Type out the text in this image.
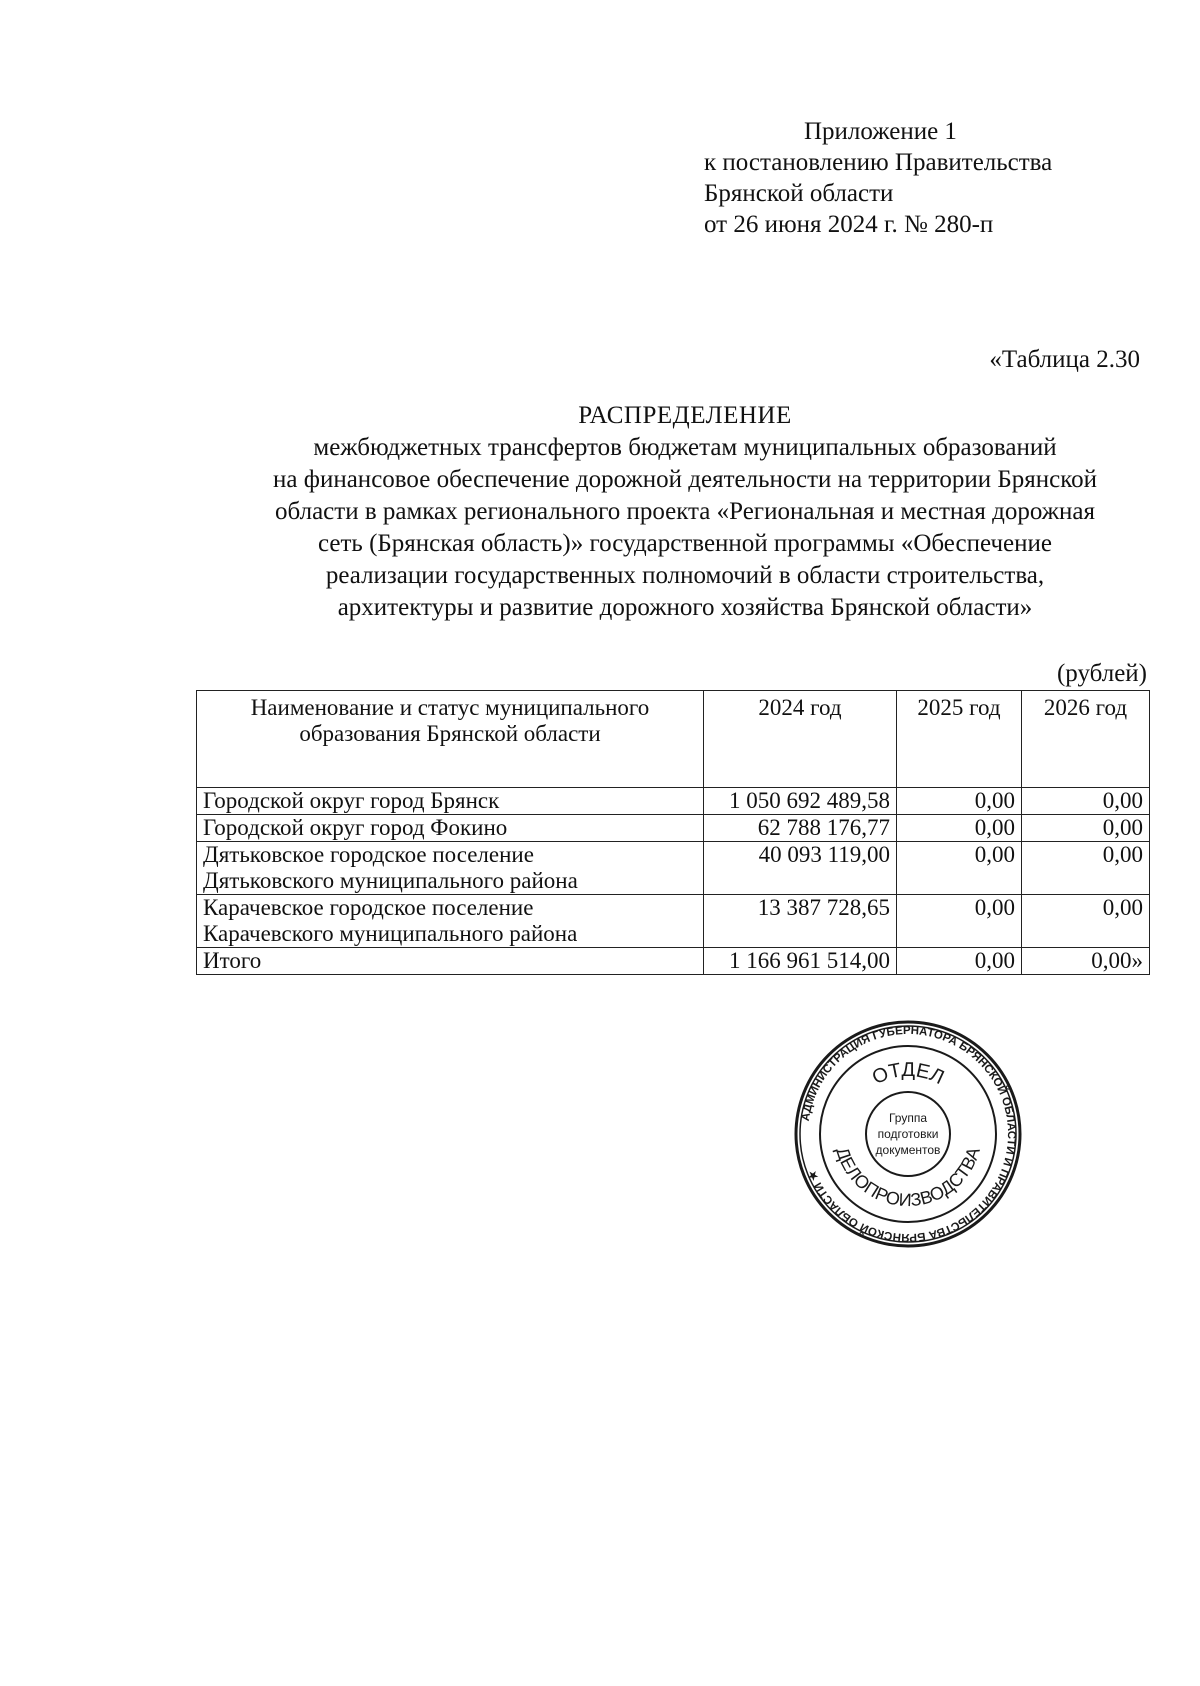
Приложение 1
к постановлению Правительства
Брянской области
от 26 июня 2024 г. № 280-п
«Таблица 2.30
РАСПРЕДЕЛЕНИЕ
межбюджетных трансфертов бюджетам муниципальных образований
на финансовое обеспечение дорожной деятельности на территории Брянской
области в рамках регионального проекта «Региональная и местная дорожная
сеть (Брянская область)» государственной программы «Обеспечение
реализации государственных полномочий в области строительства,
архитектуры и развитие дорожного хозяйства Брянской области»
(рублей)
Наименование и статус муниципального
образования Брянской области	2024 год	2025 год	2026 год
Городской округ город Брянск	1 050 692 489,58	0,00	0,00
Городской округ город Фокино	62 788 176,77	0,00	0,00

Дятьковское городское поселение
Дятьковского муниципального района	40 093 119,00	0,00	0,00

Карачевское городское поселение
Карачевского муниципального района	13 387 728,65	0,00	0,00
Итого	1 166 961 514,00	0,00	0,00»
АДМИНИСТРАЦИЯ ГУБЕРНАТОРА БРЯНСКОЙ ОБЛАСТИ И ПРАВИТЕЛЬСТВА БРЯНСКОЙ ОБЛАСТИ ★
ОТДЕЛ
ДЕЛОПРОИЗВОДСТВА
Группа
подготовки
документов
